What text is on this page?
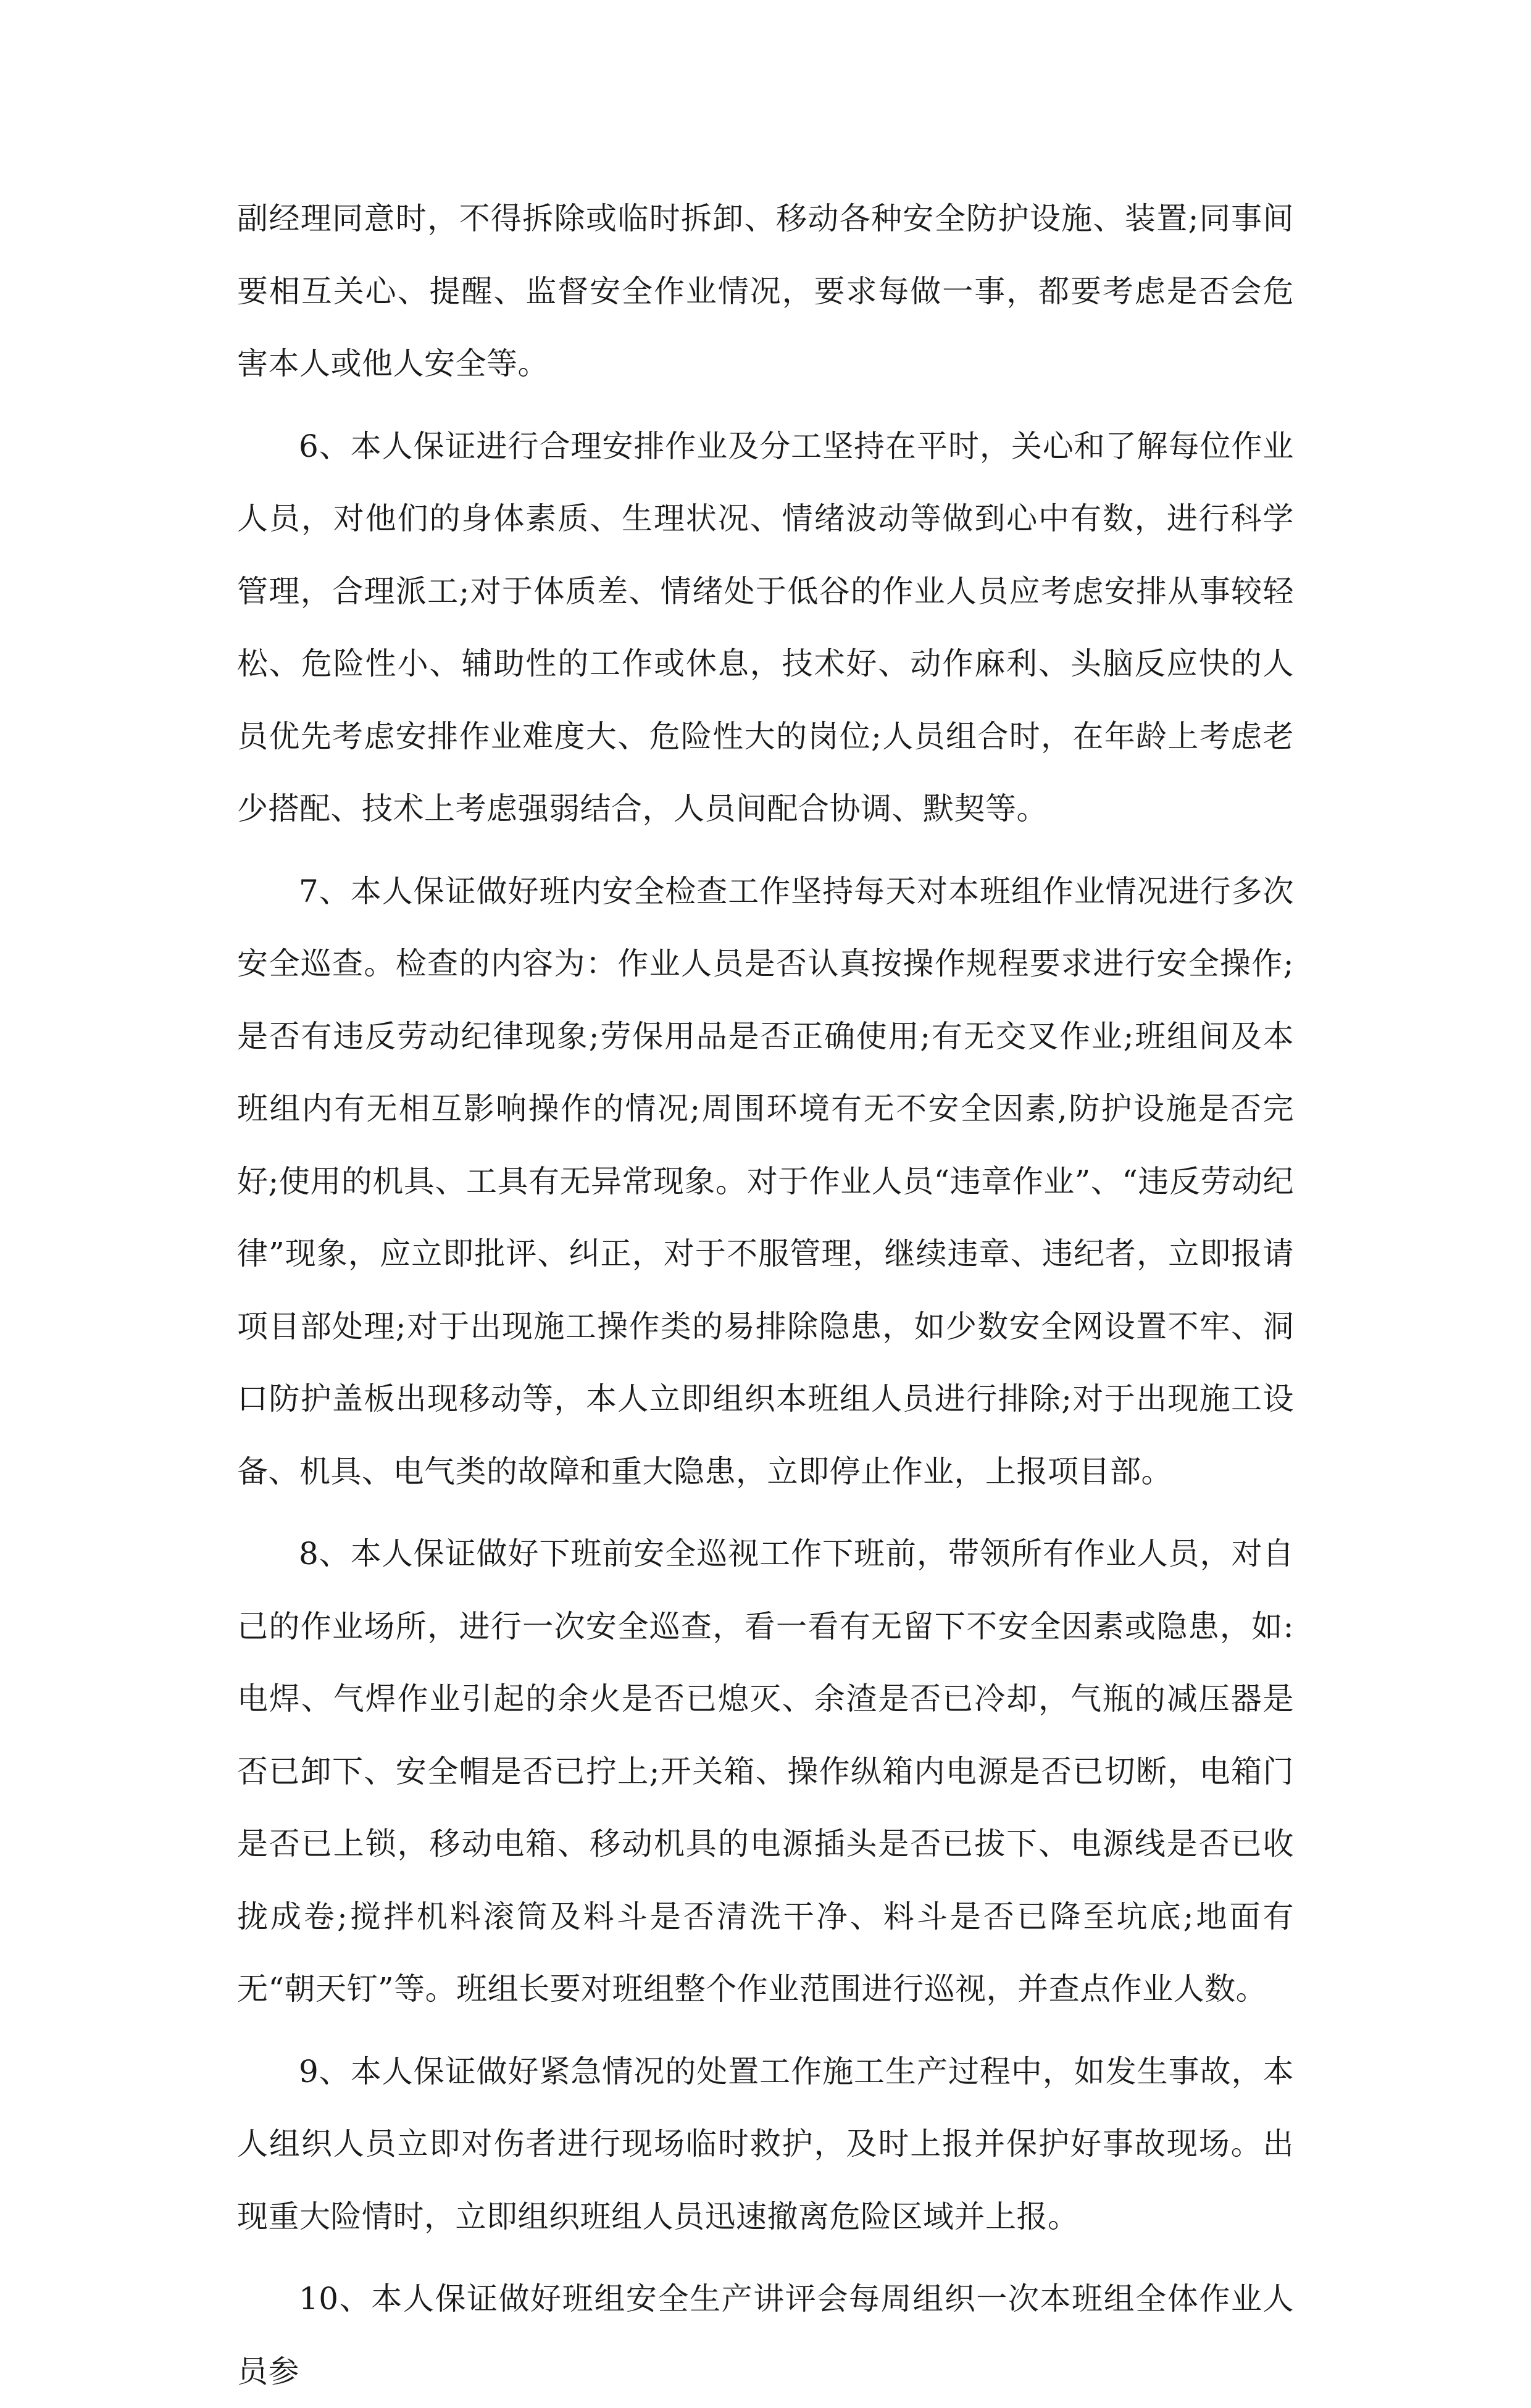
副经理同意时，不得拆除或临时拆卸、移动各种安全防护设施、装置;同事间要相互关心、提醒、监督安全作业情况，要求每做一事，都要考虑是否会危害本人或他人安全等。

6、本人保证进行合理安排作业及分工坚持在平时，关心和了解每位作业人员，对他们的身体素质、生理状况、情绪波动等做到心中有数，进行科学管理，合理派工;对于体质差、情绪处于低谷的作业人员应考虑安排从事较轻松、危险性小、辅助性的工作或休息，技术好、动作麻利、头脑反应快的人员优先考虑安排作业难度大、危险性大的岗位;人员组合时，在年龄上考虑老少搭配、技术上考虑强弱结合，人员间配合协调、默契等。

7、本人保证做好班内安全检查工作坚持每天对本班组作业情况进行多次安全巡查。检查的内容为：作业人员是否认真按操作规程要求进行安全操作;是否有违反劳动纪律现象;劳保用品是否正确使用;有无交叉作业;班组间及本班组内有无相互影响操作的情况;周围环境有无不安全因素,防护设施是否完好;使用的机具、工具有无异常现象。对于作业人员“违章作业”、“违反劳动纪律”现象，应立即批评、纠正，对于不服管理，继续违章、违纪者，立即报请项目部处理;对于出现施工操作类的易排除隐患，如少数安全网设置不牢、洞口防护盖板出现移动等，本人立即组织本班组人员进行排除;对于出现施工设备、机具、电气类的故障和重大隐患，立即停止作业，上报项目部。

8、本人保证做好下班前安全巡视工作下班前，带领所有作业人员，对自己的作业场所，进行一次安全巡查，看一看有无留下不安全因素或隐患，如:电焊、气焊作业引起的余火是否已熄灭、余渣是否已冷却，气瓶的减压器是否已卸下、安全帽是否已拧上;开关箱、操作纵箱内电源是否已切断，电箱门是否已上锁，移动电箱、移动机具的电源插头是否已拔下、电源线是否已收拢成卷;搅拌机料滚筒及料斗是否清洗干净、料斗是否已降至坑底;地面有无“朝天钉”等。班组长要对班组整个作业范围进行巡视，并查点作业人数。

9、本人保证做好紧急情况的处置工作施工生产过程中，如发生事故，本人组织人员立即对伤者进行现场临时救护，及时上报并保护好事故现场。出现重大险情时，立即组织班组人员迅速撤离危险区域并上报。

10、本人保证做好班组安全生产讲评会每周组织一次本班组全体作业人员参
